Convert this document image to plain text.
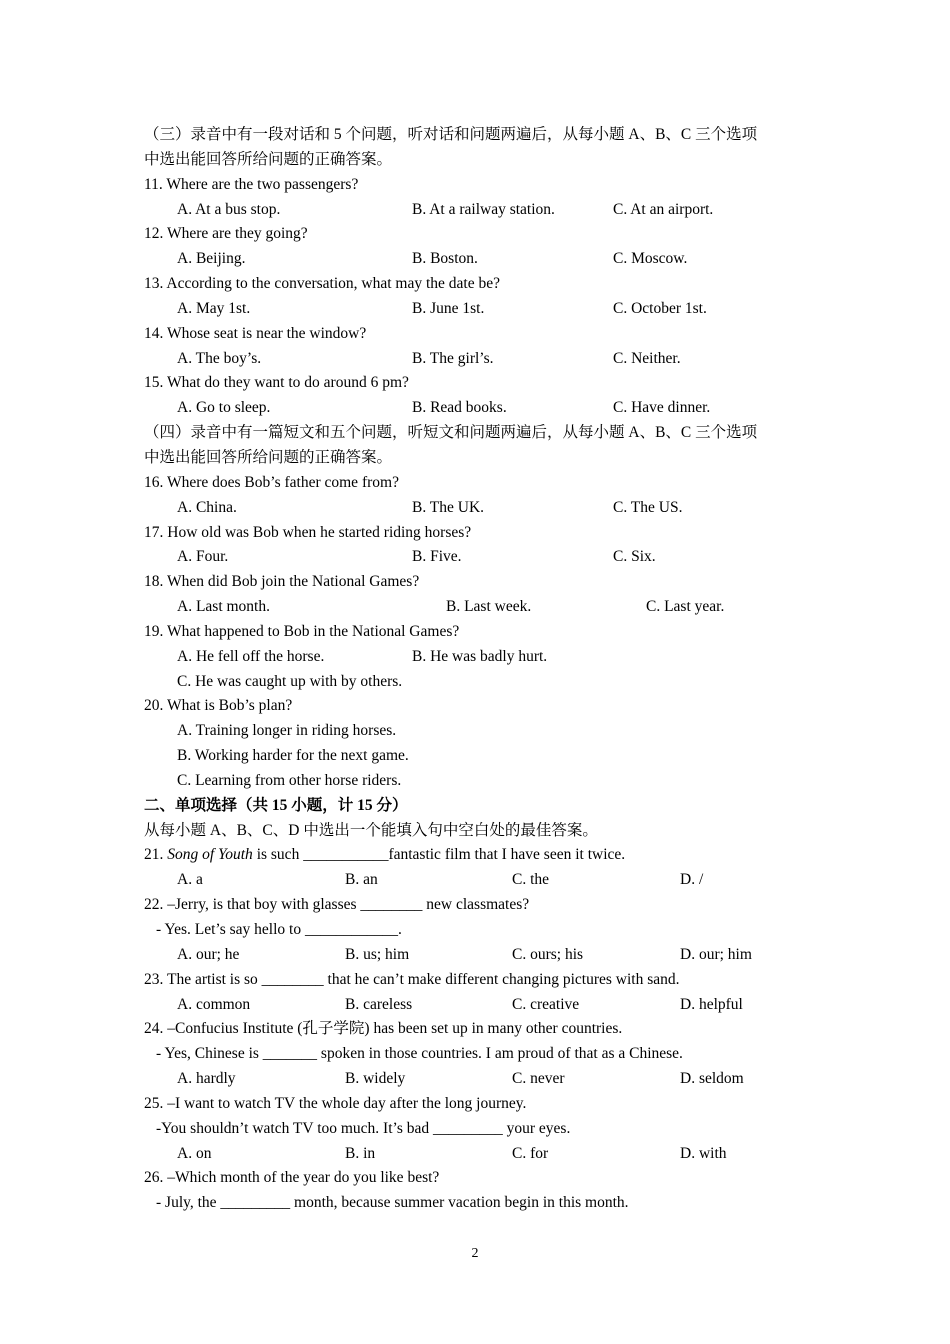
（三）录音中有一段对话和 5 个问题，听对话和问题两遍后，从每小题 A、B、C 三个选项
中选出能回答所给问题的正确答案。
11. Where are the two passengers?
A. At a bus stop.	B. At a railway station.	C. At an airport.
12. Where are they going?
A. Beijing.	B. Boston.	C. Moscow.
13. According to the conversation, what may the date be?
A. May 1st.	B. June 1st.	C. October 1st.
14. Whose seat is near the window?
A. The boy’s.	B. The girl’s.	C. Neither.
15. What do they want to do around 6 pm?
A. Go to sleep.	B. Read books.	C. Have dinner.
（四）录音中有一篇短文和五个问题，听短文和问题两遍后，从每小题 A、B、C 三个选项
中选出能回答所给问题的正确答案。
16. Where does Bob’s father come from?
A. China.	B. The UK.	C. The US.
17. How old was Bob when he started riding horses?
A. Four.	B. Five.	C. Six.
18. When did Bob join the National Games?
A. Last month.	B. Last week.	C. Last year.
19. What happened to Bob in the National Games?
A. He fell off the horse.	B. He was badly hurt.
C. He was caught up with by others.
20. What is Bob’s plan?
A. Training longer in riding horses.
B. Working harder for the next game.
C. Learning from other horse riders.
二、单项选择（共 15 小题，计 15 分）
从每小题 A、B、C、D 中选出一个能填入句中空白处的最佳答案。
21. Song of Youth is such ___________fantastic film that I have seen it twice.
A. a	B. an	C. the	D. /
22. –Jerry, is that boy with glasses ________ new classmates?
- Yes. Let’s say hello to ____________.
A. our; he	B. us; him	C. ours; his	D. our; him
23. The artist is so ________ that he can’t make different changing pictures with sand.
A. common	B. careless	C. creative	D. helpful
24. –Confucius Institute (孔子学院) has been set up in many other countries.
- Yes, Chinese is _______ spoken in those countries. I am proud of that as a Chinese.
A. hardly	B. widely	C. never	D. seldom
25. –I want to watch TV the whole day after the long journey.
-You shouldn’t watch TV too much. It’s bad _________ your eyes.
A. on	B. in	C. for	D. with
26. –Which month of the year do you like best?
- July, the _________ month, because summer vacation begin in this month.
2
